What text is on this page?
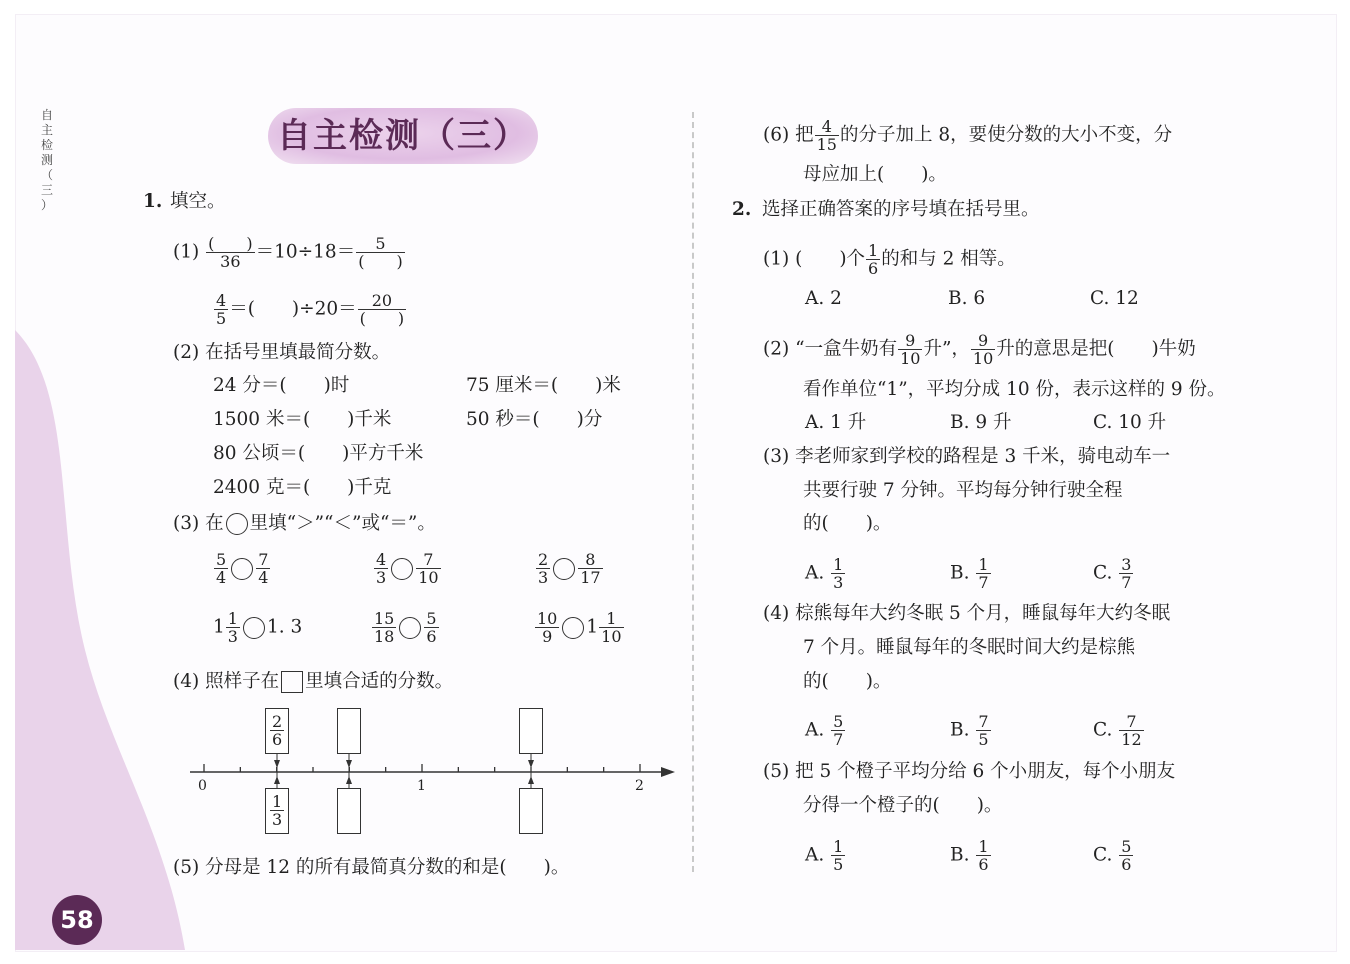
自
主
检
测
（
三
）
58
自主检测（三）
1. 填空。
(1) (　　)
36 ＝10÷18＝	5
(　　)
$\frac{4}{5}$ ＝(　　)÷20＝ 20
(　　)
(2) 在括号里填最简分数。
24 分＝(　　)时	75 厘米＝(　　)米
1500 米＝(　　)千米	50 秒＝(　　)分
80 公顷＝(　　)平方千米
2400 克＝(　　)千克
(3) 在 里填“＞”“＜”或“＝”。
$\frac{5}{4} \frac{7}{4}$	$\frac{4}{3} \frac{7}{10}$	$\frac{2}{3} \frac{8}{17}$
$1 \frac{1}{3} 1$. 3	$\frac{15}{18} \frac{5}{6}$	$\frac{10}{9} 1 \frac{1}{10}$
(4) 照样子在 里填合适的分数。
0	1	2
2
6
1
3
(5) 分母是 12 的所有最简真分数的和是(　　)。
(6) 把 $\frac{4}{15}$ 的分子加上 8，要使分数的大小不变，分
母应加上(　　)。
2. 选择正确答案的序号填在括号里。
(1) (　　)个 $\frac{1}{6}$ 的和与 2 相等。
A. 2	B. 6	C. 12
(2) “一盒牛奶有 $\frac{9}{10}$ 升”， $\frac{9}{10}$ 升的意思是把(　　)牛奶
看作单位“1”，平均分成 10 份，表示这样的 9 份。
A. 1 升	B. 9 升	C. 10 升
(3) 李老师家到学校的路程是 3 千米，骑电动车一
共要行驶 7 分钟。平均每分钟行驶全程
的(　　)。
A. $\frac{1}{3}$	B. $\frac{1}{7}$	C. $\frac{3}{7}$
(4) 棕熊每年大约冬眠 5 个月，睡鼠每年大约冬眠
7 个月。睡鼠每年的冬眠时间大约是棕熊
的(　　)。
A. $\frac{5}{7}$	B. $\frac{7}{5}$	C. $\frac{7}{12}$
(5) 把 5 个橙子平均分给 6 个小朋友，每个小朋友
分得一个橙子的(　　)。
A. $\frac{1}{5}$	B. $\frac{1}{6}$	C. $\frac{5}{6}$
